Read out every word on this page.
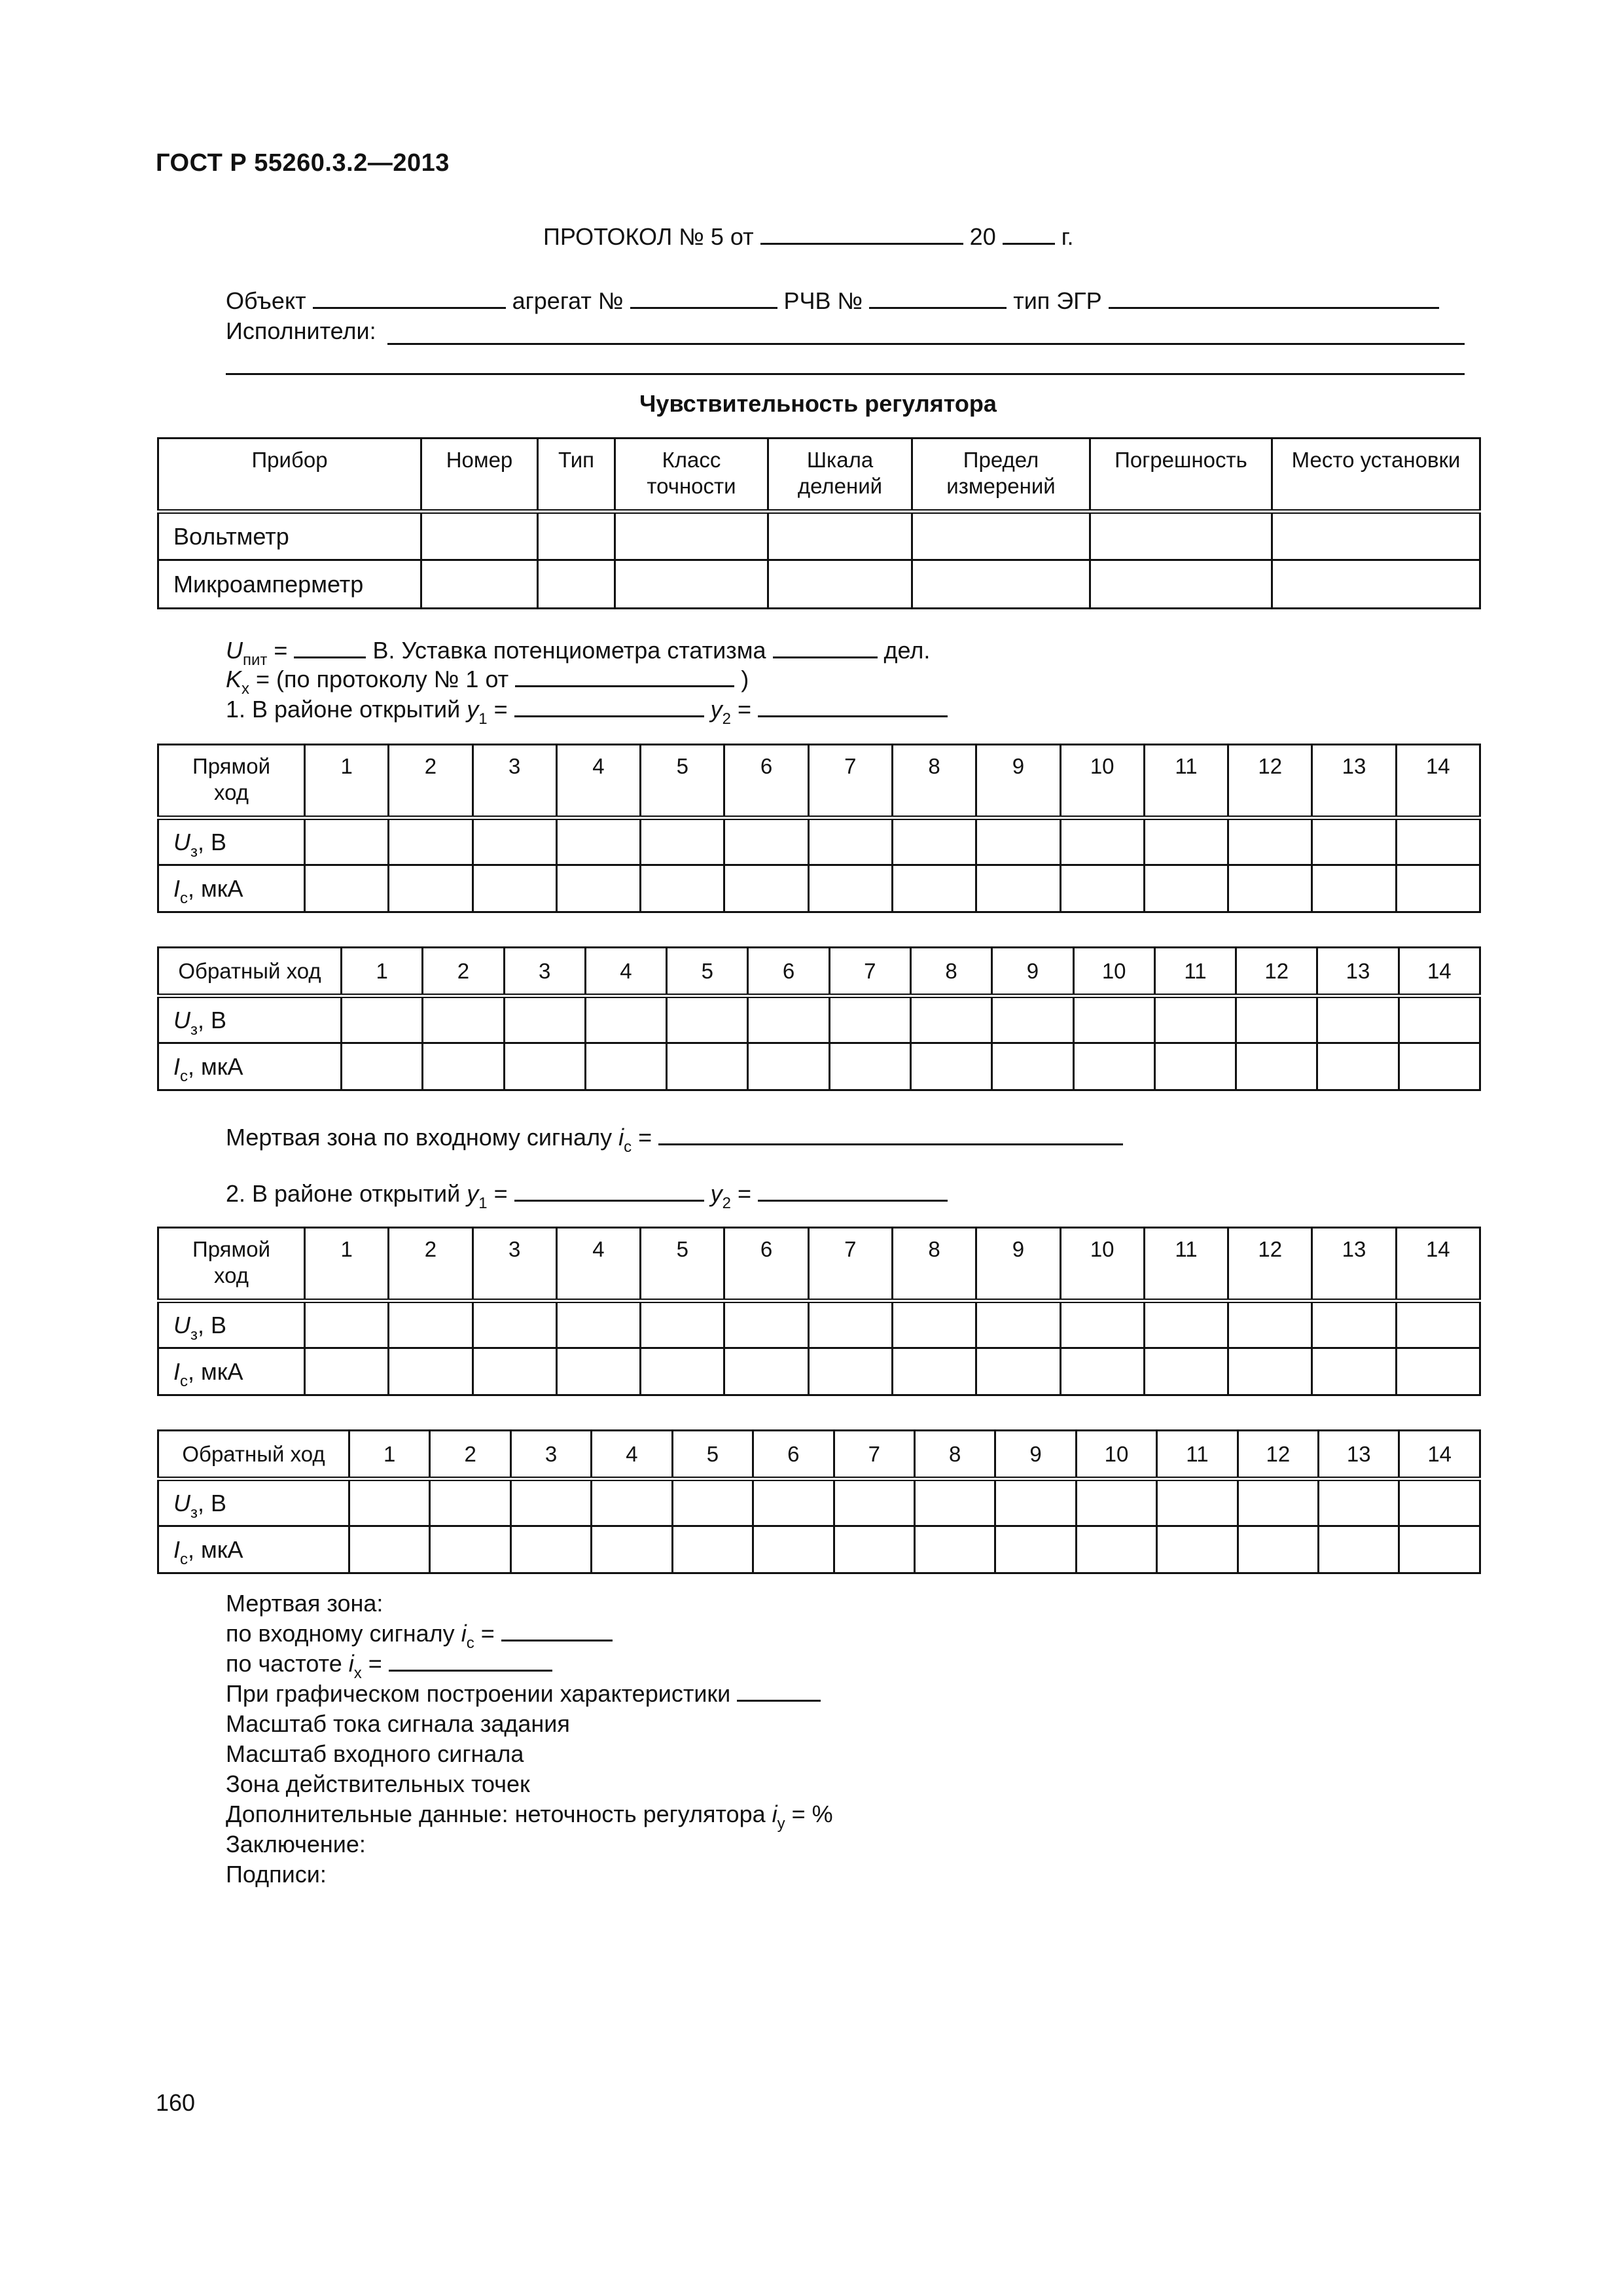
ГОСТ Р 55260.3.2—2013
ПРОТОКОЛ № 5 от	20	г.
Объект	агрегат №	РЧВ №	тип ЭГР
Исполнители:
Чувствительность регулятора
Прибор	Номер	Тип	Класс точности	Шкала делений	Предел измерений	Погрешность	Место установки
Вольтметр							
Микроамперметр							
$U_{пит}$ =	В. Уставка потенциометра статизма	дел.
$K_x = (по$ протоколу № 1 от	)
1. В районе открытий $y_1$ =	$y_2$ =
Прямой ход	1	2	3	4	5	6	7	8	9	10	11	12	13	14
$U_з$, В														
$I_с$, мкА														
Обратный ход	1	2	3	4	5	6	7	8	9	10	11	12	13	14
$U_з$, В														
$I_с$, мкА														
Прямой ход	1	2	3	4	5	6	7	8	9	10	11	12	13	14
$U_з$, В														
$I_с$, мкА														
Обратный ход	1	2	3	4	5	6	7	8	9	10	11	12	13	14
$U_з$, В														
$I_с$, мкА														
Мертвая зона по входному сигналу $i_с$ =
2. В районе открытий $y_1$ =	$y_2$ =
Мертвая зона:
по входному сигналу $i_с$ =
по частоте $i_x$ =
При графическом построении характеристики
Масштаб тока сигнала задания
Масштаб входного сигнала
Зона действительных точек
Дополнительные данные: неточность регулятора $i_y$ = %
Заключение:
Подписи:
160
